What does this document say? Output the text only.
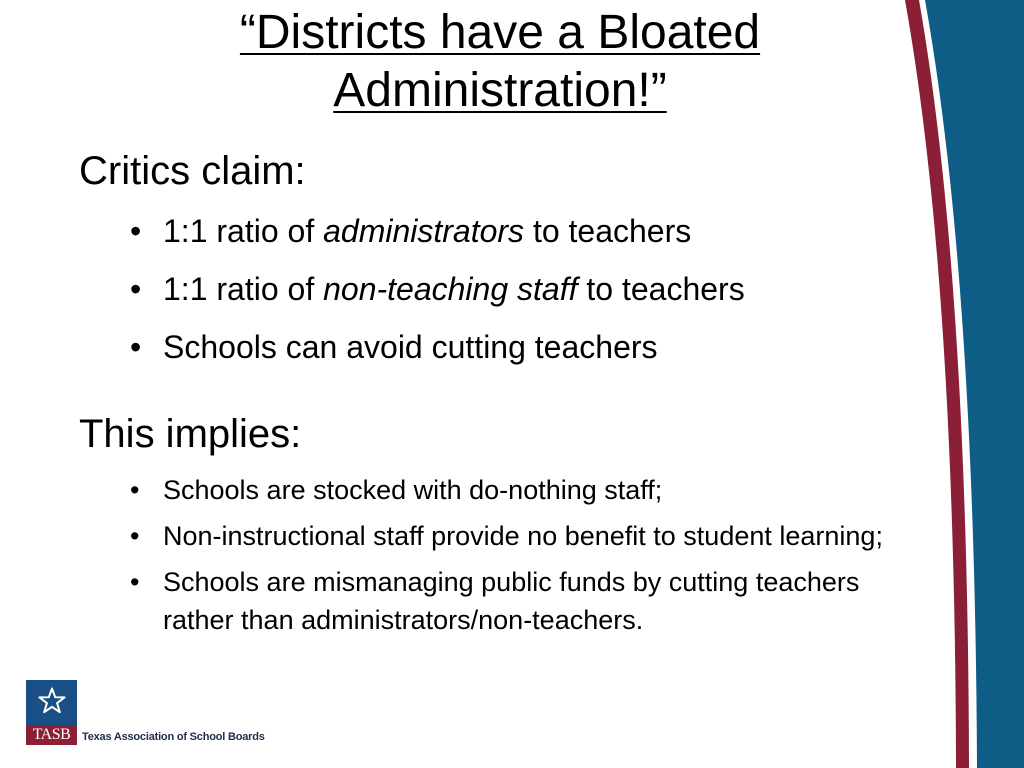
“Districts have a Bloated
Administration!”
Critics claim:
• 1:1 ratio of administrators to teachers
• 1:1 ratio of non-teaching staff to teachers
• Schools can avoid cutting teachers
This implies:
• Schools are stocked with do-nothing staff;
• Non-instructional staff provide no benefit to student learning;
• Schools are mismanaging public funds by cutting teachers rather than administrators/non-teachers.
TASB	Texas Association of School Boards
